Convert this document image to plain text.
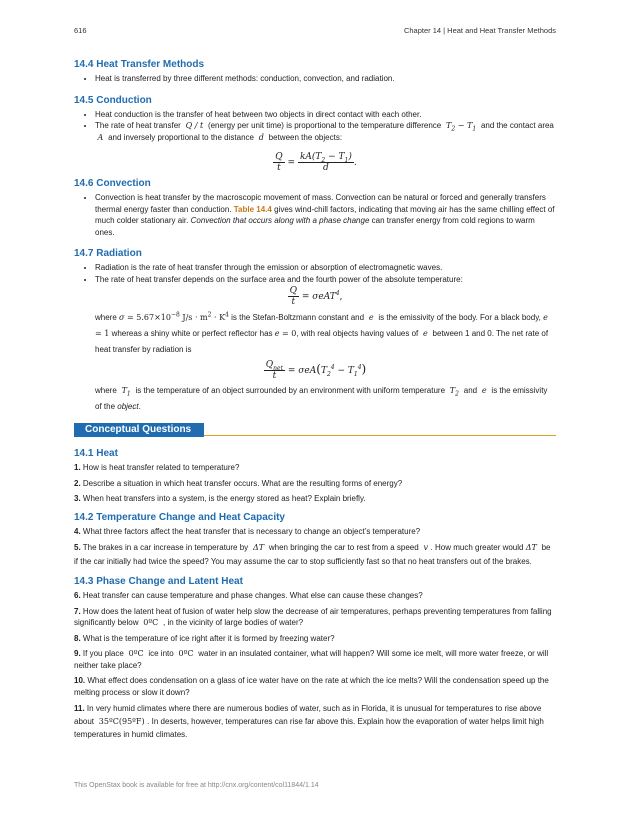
616	Chapter 14 | Heat and Heat Transfer Methods
14.4 Heat Transfer Methods
• Heat is transferred by three different methods: conduction, convection, and radiation.
14.5 Conduction
• Heat conduction is the transfer of heat between two objects in direct contact with each other.
• The rate of heat transfer  Q / t  (energy per unit time) is proportional to the temperature difference  $T_2 - T_1$ and the contact area  A  and inversely proportional to the distance  d  between the objects:
$\frac{Q}{t} = \frac{kA(T_2 - T_1)}{d}$ .
14.6 Convection
• Convection is heat transfer by the macroscopic movement of mass. Convection can be natural or forced and generally transfers thermal energy faster than conduction. Table 14.4 gives wind-chill factors, indicating that moving air has the same chilling effect of much colder stationary air. Convection that occurs along with a phase change can transfer energy from cold regions to warm ones.
14.7 Radiation
• Radiation is the rate of heat transfer through the emission or absorption of electromagnetic waves.
• The rate of heat transfer depends on the surface area and the fourth power of the absolute temperature:
$\frac{Q}{t} = \sigma eAT^4$,
where $\sigma = 5.67\times 10^{-8}$ $J/s \cdot m^2 \cdot K^4$ is the Stefan-Boltzmann constant and  e  is the emissivity of the body. For a black body, e = 1 whereas a shiny white or perfect reflector has e = 0, with real objects having values of  e  between 1 and 0. The net rate of heat transfer by radiation is
$\frac{Q_{net}}{t} = \sigma eA(T_2^4 - T_1^4)$
where  $T_1$ is the temperature of an object surrounded by an environment with uniform temperature  $T_2$ and  e  is the emissivity of the object.
Conceptual Questions
14.1 Heat
1. How is heat transfer related to temperature?
2. Describe a situation in which heat transfer occurs. What are the resulting forms of energy?
3. When heat transfers into a system, is the energy stored as heat? Explain briefly.
14.2 Temperature Change and Heat Capacity
4. What three factors affect the heat transfer that is necessary to change an object’s temperature?
5. The brakes in a car increase in temperature by  ΔT  when bringing the car to rest from a speed  v . How much greater would ΔT  be if the car initially had twice the speed? You may assume the car to stop sufficiently fast so that no heat transfers out of the brakes.
14.3 Phase Change and Latent Heat
6. Heat transfer can cause temperature and phase changes. What else can cause these changes?
7. How does the latent heat of fusion of water help slow the decrease of air temperatures, perhaps preventing temperatures from falling significantly below  0ºC  , in the vicinity of large bodies of water?
8. What is the temperature of ice right after it is formed by freezing water?
9. If you place  0ºC  ice into  0ºC  water in an insulated container, what will happen? Will some ice melt, will more water freeze, or will neither take place?
10. What effect does condensation on a glass of ice water have on the rate at which the ice melts? Will the condensation speed up the melting process or slow it down?
11. In very humid climates where there are numerous bodies of water, such as in Florida, it is unusual for temperatures to rise above about  35ºC(95ºF) . In deserts, however, temperatures can rise far above this. Explain how the evaporation of water helps limit high temperatures in humid climates.
This OpenStax book is available for free at http://cnx.org/content/col11844/1.14
